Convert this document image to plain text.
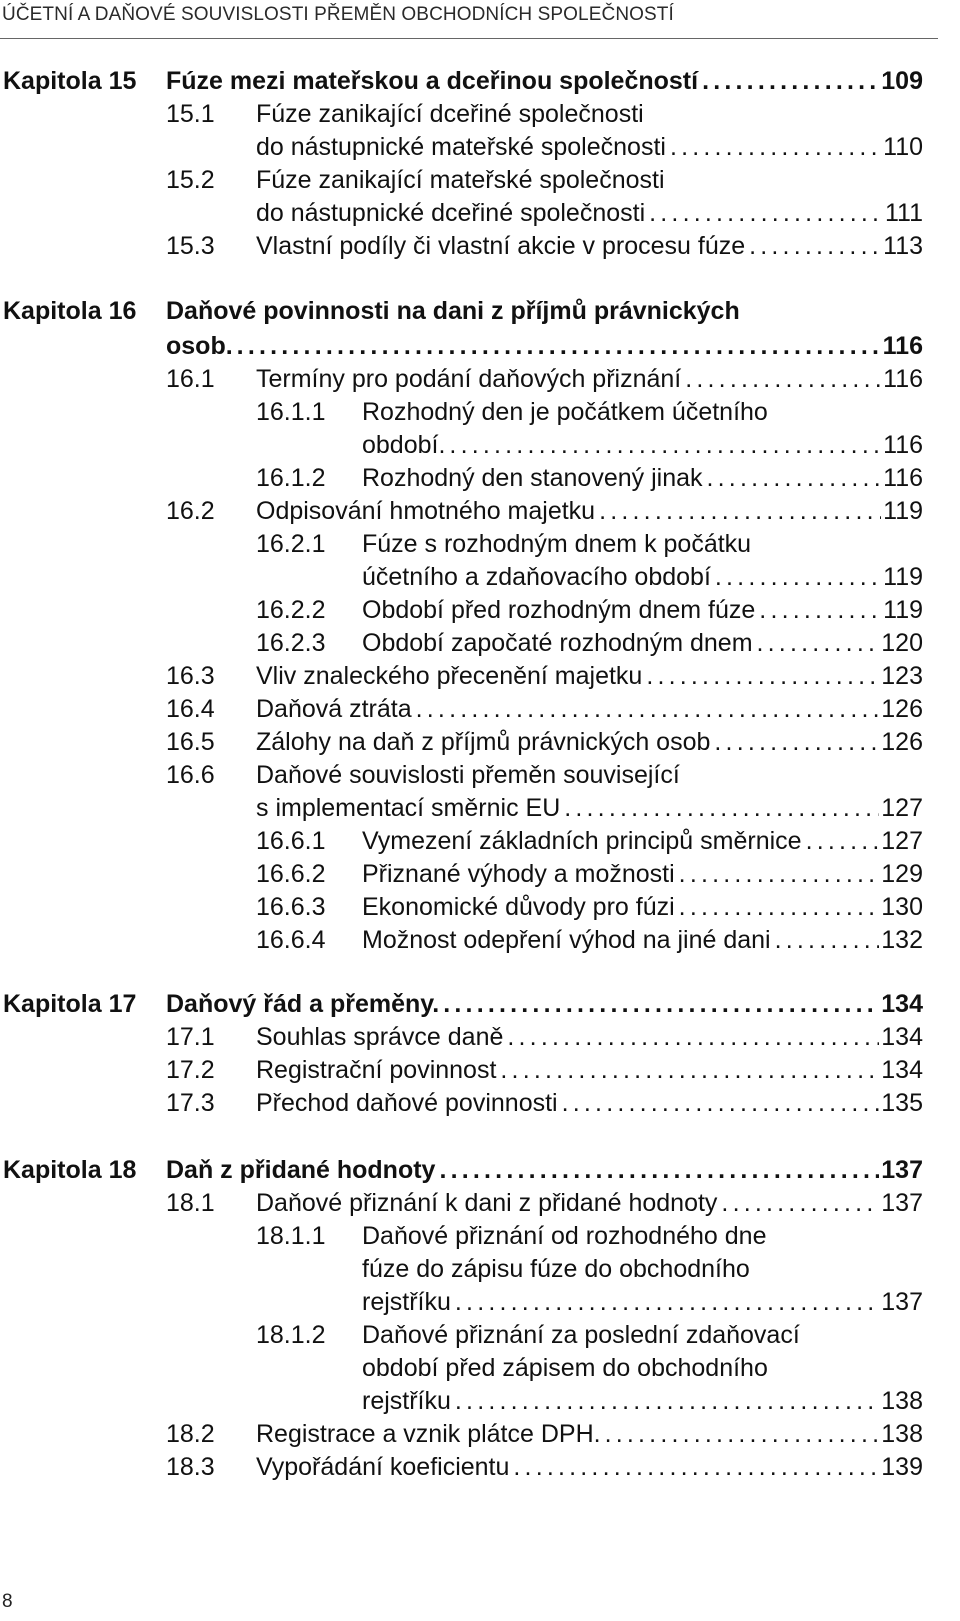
ÚČETNÍ A DAŇOVÉ SOUVISLOSTI PŘEMĚN OBCHODNÍCH SPOLEČNOSTÍ
Kapitola 15 Fúze mezi mateřskou a dceřinou společností .....	109
15.1 Fúze zanikající dceřiné společnosti
do nástupnické mateřské společnosti .....	110
15.2 Fúze zanikající mateřské společnosti
do nástupnické dceřiné společnosti .....	111
15.3 Vlastní podíly či vlastní akcie v procesu fúze .....	113
Kapitola 16 Daňové povinnosti na dani z příjmů právnických
osob. .....	116
16.1 Termíny pro podání daňových přiznání .....	116
16.1.1 Rozhodný den je počátkem účetního
období. .....	116
16.1.2 Rozhodný den stanovený jinak .....	116
16.2 Odpisování hmotného majetku .....	119
16.2.1 Fúze s rozhodným dnem k počátku
účetního a zdaňovacího období .....	119
16.2.2 Období před rozhodným dnem fúze .....	119
16.2.3 Období započaté rozhodným dnem .....	120
16.3 Vliv znaleckého přecenění majetku .....	123
16.4 Daňová ztráta .....	126
16.5 Zálohy na daň z příjmů právnických osob .....	126
16.6 Daňové souvislosti přeměn související
s implementací směrnic EU .....	127
16.6.1 Vymezení základních principů směrnice .....	127
16.6.2 Přiznané výhody a možnosti .....	129
16.6.3 Ekonomické důvody pro fúzi .....	130
16.6.4 Možnost odepření výhod na jiné dani .....	132
Kapitola 17 Daňový řád a přeměny. .....	134
17.1 Souhlas správce daně .....	134
17.2 Registrační povinnost .....	134
17.3 Přechod daňové povinnosti .....	135
Kapitola 18 Daň z přidané hodnoty .....	137
18.1 Daňové přiznání k dani z přidané hodnoty .....	137
18.1.1 Daňové přiznání od rozhodného dne
fúze do zápisu fúze do obchodního
rejstříku .....	137
18.1.2 Daňové přiznání za poslední zdaňovací
období před zápisem do obchodního
rejstříku .....	138
18.2 Registrace a vznik plátce DPH. .....	138
18.3 Vypořádání koeficientu .....	139
8
